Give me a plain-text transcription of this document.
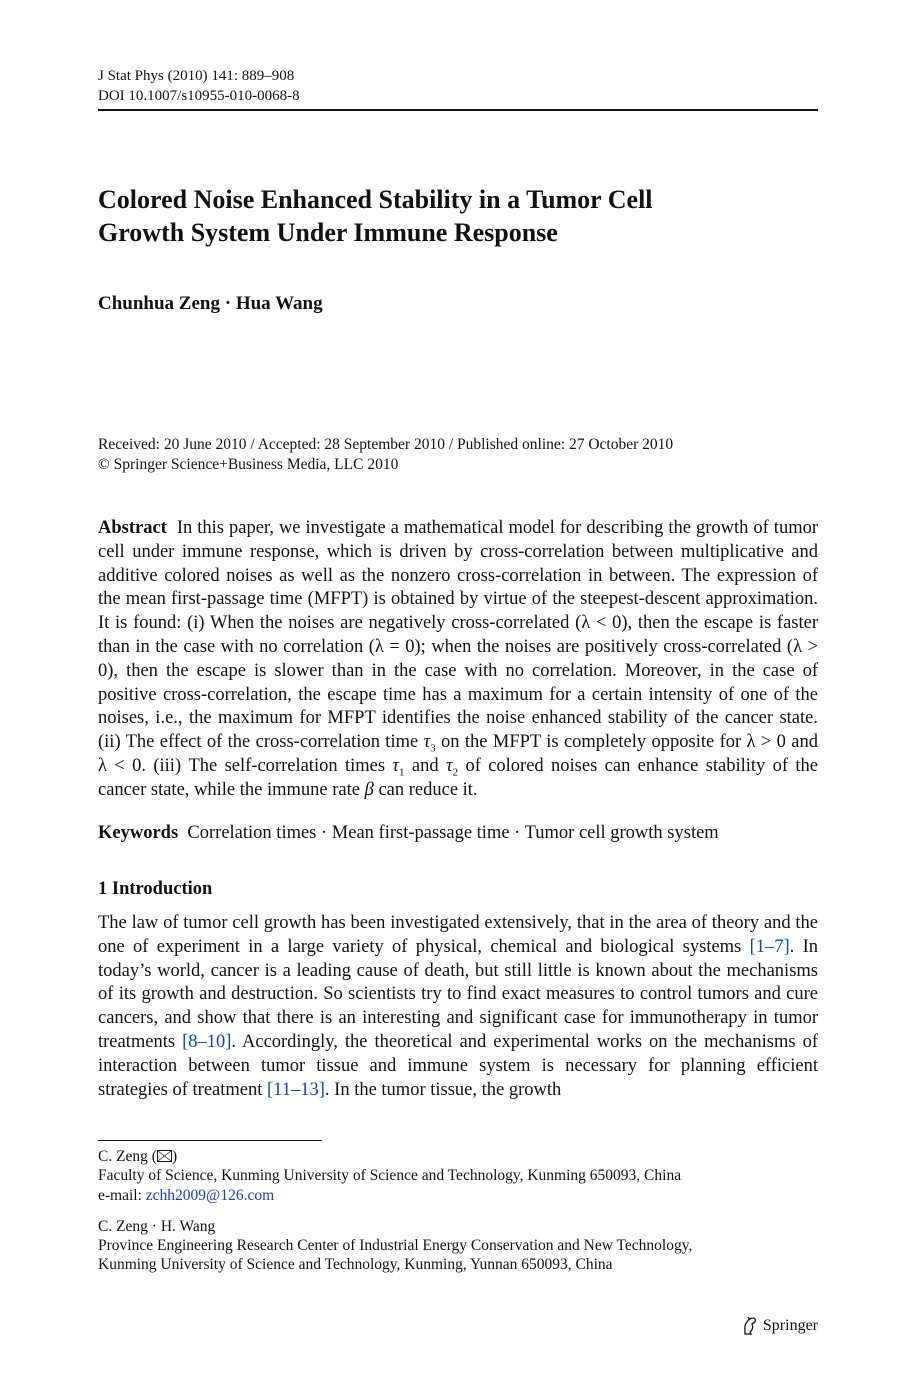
J Stat Phys (2010) 141: 889–908
DOI 10.1007/s10955-010-0068-8
Colored Noise Enhanced Stability in a Tumor Cell
Growth System Under Immune Response
Chunhua Zeng · Hua Wang
Received: 20 June 2010 / Accepted: 28 September 2010 / Published online: 27 October 2010
© Springer Science+Business Media, LLC 2010

Abstract In this paper, we investigate a mathematical model for describing the growth of tumor cell under immune response, which is driven by cross-correlation between multiplicative and additive colored noises as well as the nonzero cross-correlation in between. The expression of the mean first-passage time (MFPT) is obtained by virtue of the steepest-descent approximation. It is found: (i) When the noises are negatively cross-correlated (λ < 0), then the escape is faster than in the case with no correlation (λ = 0); when the noises are positively cross-correlated (λ > 0), then the escape is slower than in the case with no correlation. Moreover, in the case of positive cross-correlation, the escape time has a maximum for a certain intensity of one of the noises, i.e., the maximum for MFPT identifies the noise enhanced stability of the cancer state. (ii) The effect of the cross-correlation time $\tau_3$ on the MFPT is completely opposite for λ > 0 and λ < 0. (iii) The self-correlation times $\tau_1$ and $\tau_2$ of colored noises can enhance stability of the cancer state, while the immune rate β can reduce it.

Keywords Correlation times · Mean first-passage time · Tumor cell growth system
1 Introduction

The law of tumor cell growth has been investigated extensively, that in the area of theory and the one of experiment in a large variety of physical, chemical and biological systems [1–7]. In today’s world, cancer is a leading cause of death, but still little is known about the mechanisms of its growth and destruction. So scientists try to find exact measures to control tumors and cure cancers, and show that there is an interesting and significant case for immunotherapy in tumor treatments [8–10]. Accordingly, the theoretical and experimental works on the mechanisms of interaction between tumor tissue and immune system is necessary for planning efficient strategies of treatment [11–13]. In the tumor tissue, the growth

C. Zeng ( )
Faculty of Science, Kunming University of Science and Technology, Kunming 650093, China
e-mail: zchh2009@126.com
C. Zeng · H. Wang
Province Engineering Research Center of Industrial Energy Conservation and New Technology,
Kunming University of Science and Technology, Kunming, Yunnan 650093, China
Springer
